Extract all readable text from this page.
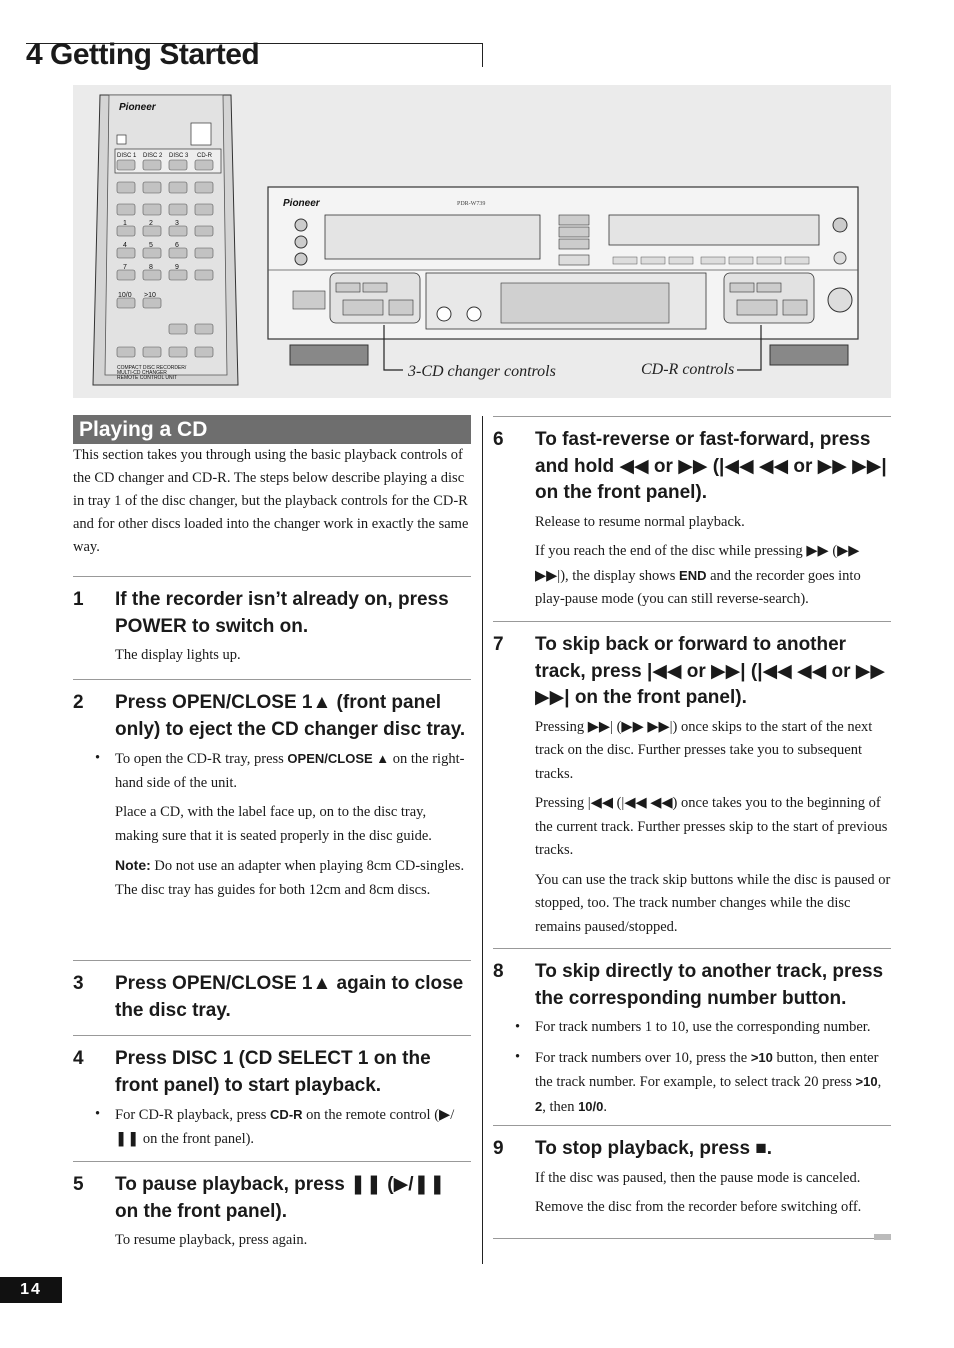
4 Getting Started
Pioneer
DISC 1 DISC 2 DISC 3 CD-R
1	2	3
4	5	6
7	8	9
10/0 >10
COMPACT DISC RECORDER/
MULTI-CD CHANGER
REMOTE CONTROL UNIT
Pioneer	PDR-W739
3-CD changer controls	CD-R controls
Playing a CD
This section takes you through using the basic playback controls of the CD changer and CD-R. The steps below describe playing a disc in tray 1 of the disc changer, but the playback controls for the CD-R and for other discs loaded into the changer work in exactly the same way.
1	If the recorder isn’t already on, press POWER to switch on.

The display lights up.

2	Press OPEN/CLOSE 1▲ (front panel only) to eject the CD changer disc tray.
• To open the CD-R tray, press OPEN/CLOSE ▲ on the right-hand side of the unit.

Place a CD, with the label face up, on to the disc tray, making sure that it is seated properly in the disc guide.

Note: Do not use an adapter when playing 8cm CD-singles. The disc tray has guides for both 12cm and 8cm discs.

3	Press OPEN/CLOSE 1▲ again to close the disc tray.
4	Press DISC 1 (CD SELECT 1 on the front panel) to start playback.
• For CD-R playback, press CD-R on the remote control (▶/❚❚ on the front panel).
5	To pause playback, press ❚❚ (▶/❚❚ on the front panel).

To resume playback, press again.

6	To fast-reverse or fast-forward, press and hold ◀◀ or ▶▶ (|◀◀ ◀◀ or ▶▶ ▶▶| on the front panel).

Release to resume normal playback.

If you reach the end of the disc while pressing ▶▶ (▶▶ ▶▶|), the display shows END and the recorder goes into play-pause mode (you can still reverse-search).

7	To skip back or forward to another track, press |◀◀ or ▶▶| (|◀◀ ◀◀ or ▶▶ ▶▶| on the front panel).

Pressing ▶▶| (▶▶ ▶▶|) once skips to the start of the next track on the disc. Further presses take you to subsequent tracks.

Pressing |◀◀ (|◀◀ ◀◀) once takes you to the beginning of the current track. Further presses skip to the start of previous tracks.

You can use the track skip buttons while the disc is paused or stopped, too. The track number changes while the disc remains paused/stopped.

8	To skip directly to another track, press the corresponding number button.
• For track numbers 1 to 10, use the corresponding number.
• For track numbers over 10, press the >10 button, then enter the track number. For example, to select track 20 press >10, 2, then 10/0.
9	To stop playback, press ■.

If the disc was paused, then the pause mode is canceled.

Remove the disc from the recorder before switching off.

14
